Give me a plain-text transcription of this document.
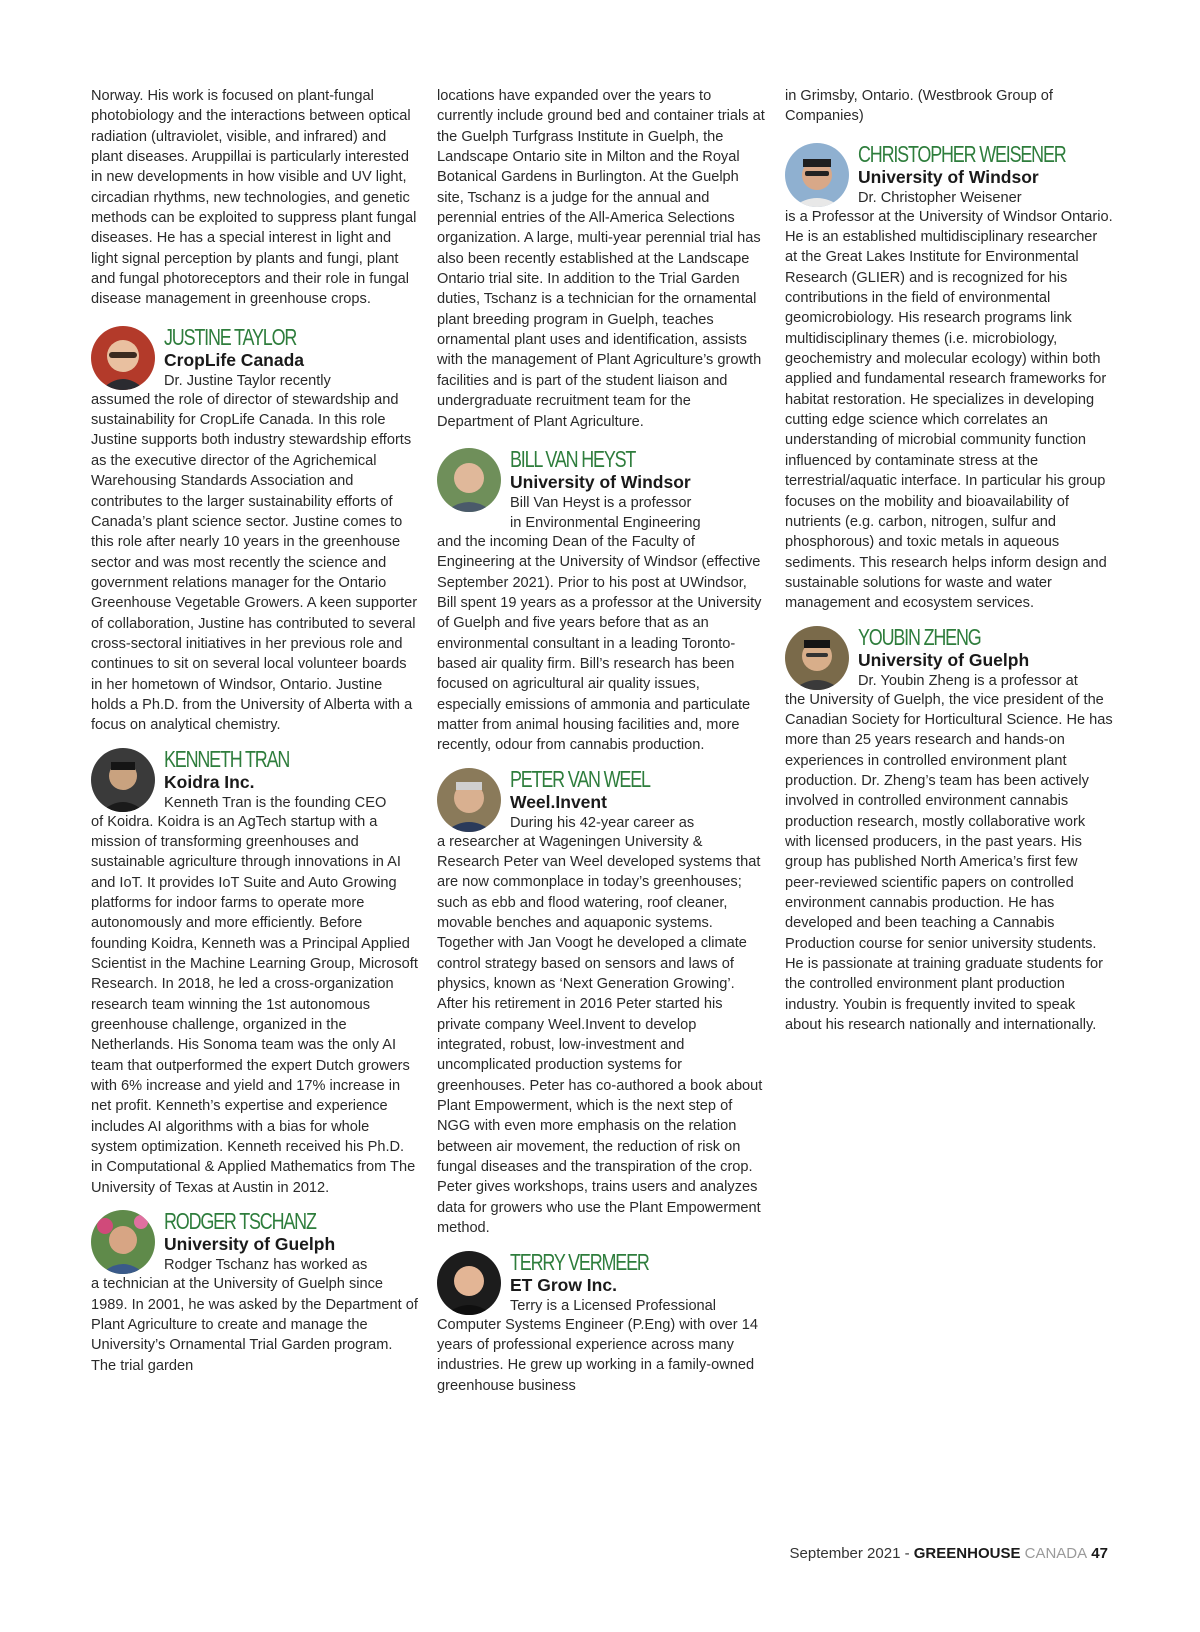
Norway. His work is focused on plant-fungal photobiology and the interactions between optical radiation (ultraviolet, visible, and infrared) and plant diseases. Aruppillai is particularly interested in new developments in how visible and UV light, circadian rhythms, new technologies, and genetic methods can be exploited to suppress plant fungal diseases. He has a special interest in light and light signal perception by plants and fungi, plant and fungal photoreceptors and their role in fungal disease management in greenhouse crops.

JUSTINE TAYLOR
CropLife Canada
Dr. Justine Taylor recently

assumed the role of director of stewardship and sustainability for CropLife Canada. In this role Justine supports both industry stewardship efforts as the executive director of the Agrichemical Warehousing Standards Association and contributes to the larger sustainability efforts of Canada’s plant science sector. Justine comes to this role after nearly 10 years in the greenhouse sector and was most recently the science and government relations manager for the Ontario Greenhouse Vegetable Growers. A keen supporter of collaboration, Justine has contributed to several cross-sectoral initiatives in her previous role and continues to sit on several local volunteer boards in her hometown of Windsor, Ontario. Justine holds a Ph.D. from the University of Alberta with a focus on analytical chemistry.

KENNETH TRAN
Koidra Inc.
Kenneth Tran is the founding CEO

of Koidra. Koidra is an AgTech startup with a mission of transforming greenhouses and sustainable agriculture through innovations in AI and IoT. It provides IoT Suite and Auto Growing platforms for indoor farms to operate more autonomously and more efficiently. Before founding Koidra, Kenneth was a Principal Applied Scientist in the Machine Learning Group, Microsoft Research. In 2018, he led a cross-organization research team winning the 1st autonomous greenhouse challenge, organized in the Netherlands. His Sonoma team was the only AI team that outperformed the expert Dutch growers with 6% increase and yield and 17% increase in net profit. Kenneth’s expertise and experience includes AI algorithms with a bias for whole system optimization. Kenneth received his Ph.D. in Computational & Applied Mathematics from The University of Texas at Austin in 2012.

RODGER TSCHANZ
University of Guelph
Rodger Tschanz has worked as

a technician at the University of Guelph since 1989. In 2001, he was asked by the Department of Plant Agriculture to create and manage the University’s Ornamental Trial Garden program. The trial garden

locations have expanded over the years to currently include ground bed and container trials at the Guelph Turfgrass Institute in Guelph, the Landscape Ontario site in Milton and the Royal Botanical Gardens in Burlington. At the Guelph site, Tschanz is a judge for the annual and perennial entries of the All-America Selections organization. A large, multi-year perennial trial has also been recently established at the Landscape Ontario trial site. In addition to the Trial Garden duties, Tschanz is a technician for the ornamental plant breeding program in Guelph, teaches ornamental plant uses and identification, assists with the management of Plant Agriculture’s growth facilities and is part of the student liaison and undergraduate recruitment team for the Department of Plant Agriculture.

BILL VAN HEYST
University of Windsor
Bill Van Heyst is a professor
in Environmental Engineering

and the incoming Dean of the Faculty of Engineering at the University of Windsor (effective September 2021). Prior to his post at UWindsor, Bill spent 19 years as a professor at the University of Guelph and five years before that as an environmental consultant in a leading Toronto-based air quality firm. Bill’s research has been focused on agricultural air quality issues, especially emissions of ammonia and particulate matter from animal housing facilities and, more recently, odour from cannabis production.

PETER VAN WEEL
Weel.Invent
During his 42-year career as

a researcher at Wageningen University & Research Peter van Weel developed systems that are now commonplace in today’s greenhouses; such as ebb and flood watering, roof cleaner, movable benches and aquaponic systems. Together with Jan Voogt he developed a climate control strategy based on sensors and laws of physics, known as ‘Next Generation Growing’. After his retirement in 2016 Peter started his private company Weel.Invent to develop integrated, robust, low-investment and uncomplicated production systems for greenhouses. Peter has co-authored a book about Plant Empowerment, which is the next step of NGG with even more emphasis on the relation between air movement, the reduction of risk on fungal diseases and the transpiration of the crop. Peter gives workshops, trains users and analyzes data for growers who use the Plant Empowerment method.

TERRY VERMEER
ET Grow Inc.
Terry is a Licensed Professional

Computer Systems Engineer (P.Eng) with over 14 years of professional experience across many industries. He grew up working in a family-owned greenhouse business

in Grimsby, Ontario. (Westbrook Group of Companies)

CHRISTOPHER WEISENER
University of Windsor
Dr. Christopher Weisener

is a Professor at the University of Windsor Ontario. He is an established multidisciplinary researcher at the Great Lakes Institute for Environmental Research (GLIER) and is recognized for his contributions in the field of environmental geomicrobiology. His research programs link multidisciplinary themes (i.e. microbiology, geochemistry and molecular ecology) within both applied and fundamental research frameworks for habitat restoration. He specializes in developing cutting edge science which correlates an understanding of microbial community function influenced by contaminate stress at the terrestrial/aquatic interface. In particular his group focuses on the mobility and bioavailability of nutrients (e.g. carbon, nitrogen, sulfur and phosphorous) and toxic metals in aqueous sediments. This research helps inform design and sustainable solutions for waste and water management and ecosystem services.

YOUBIN ZHENG
University of Guelph
Dr. Youbin Zheng is a professor at

the University of Guelph, the vice president of the Canadian Society for Horticultural Science. He has more than 25 years research and hands-on experiences in controlled environment plant production. Dr. Zheng’s team has been actively involved in controlled environment cannabis production research, mostly collaborative work with licensed producers, in the past years. His group has published North America’s first few peer-reviewed scientific papers on controlled environment cannabis production. He has developed and been teaching a Cannabis Production course for senior university students. He is passionate at training graduate students for the controlled environment plant production industry. Youbin is frequently invited to speak about his research nationally and internationally.

September 2021 - GREENHOUSE CANADA 47
